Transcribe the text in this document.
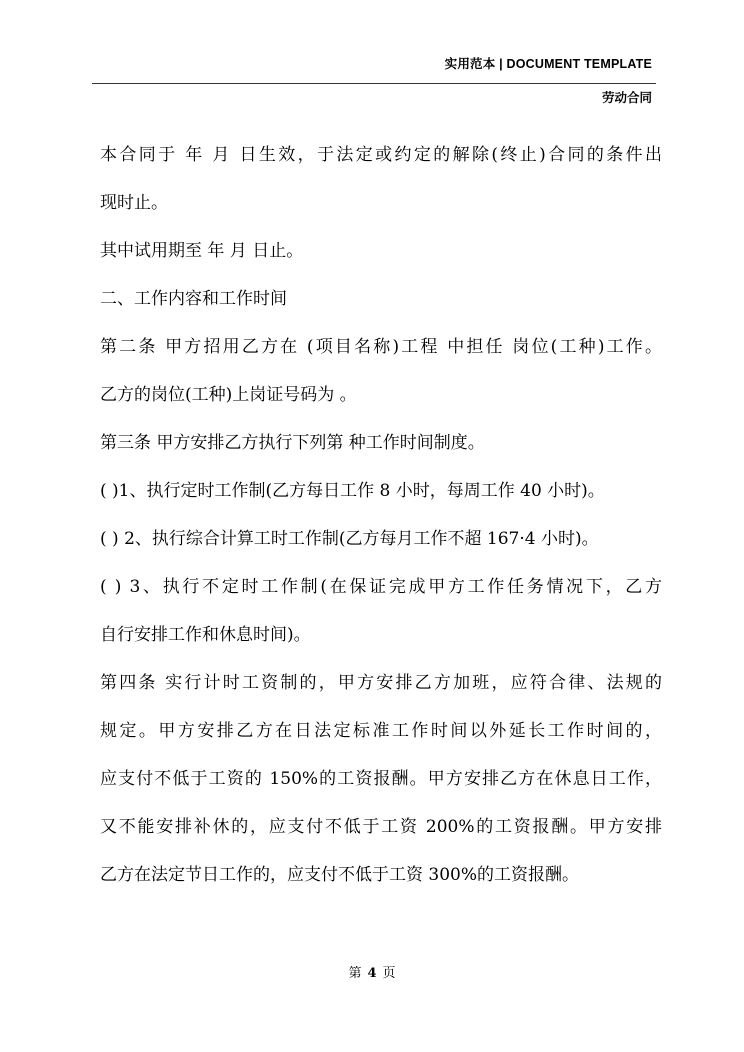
实用范本 | DOCUMENT TEMPLATE
劳动合同
本合同于 年 月 日生效，于法定或约定的解除(终止)合同的条件出
现时止。
其中试用期至 年 月 日止。
二、工作内容和工作时间
第二条 甲方招用乙方在 (项目名称)工程 中担任 岗位(工种)工作。
乙方的岗位(工种)上岗证号码为 。
第三条 甲方安排乙方执行下列第 种工作时间制度。
( )1、执行定时工作制(乙方每日工作 8 小时，每周工作 40 小时)。
( ) 2、执行综合计算工时工作制(乙方每月工作不超 167·4 小时)。
( ) 3、执行不定时工作制(在保证完成甲方工作任务情况下，乙方
自行安排工作和休息时间)。
第四条 实行计时工资制的，甲方安排乙方加班，应符合律、法规的
规定。甲方安排乙方在日法定标准工作时间以外延长工作时间的，
应支付不低于工资的 150%的工资报酬。甲方安排乙方在休息日工作，
又不能安排补休的，应支付不低于工资 200%的工资报酬。甲方安排
乙方在法定节日工作的，应支付不低于工资 300%的工资报酬。
第 4 页
